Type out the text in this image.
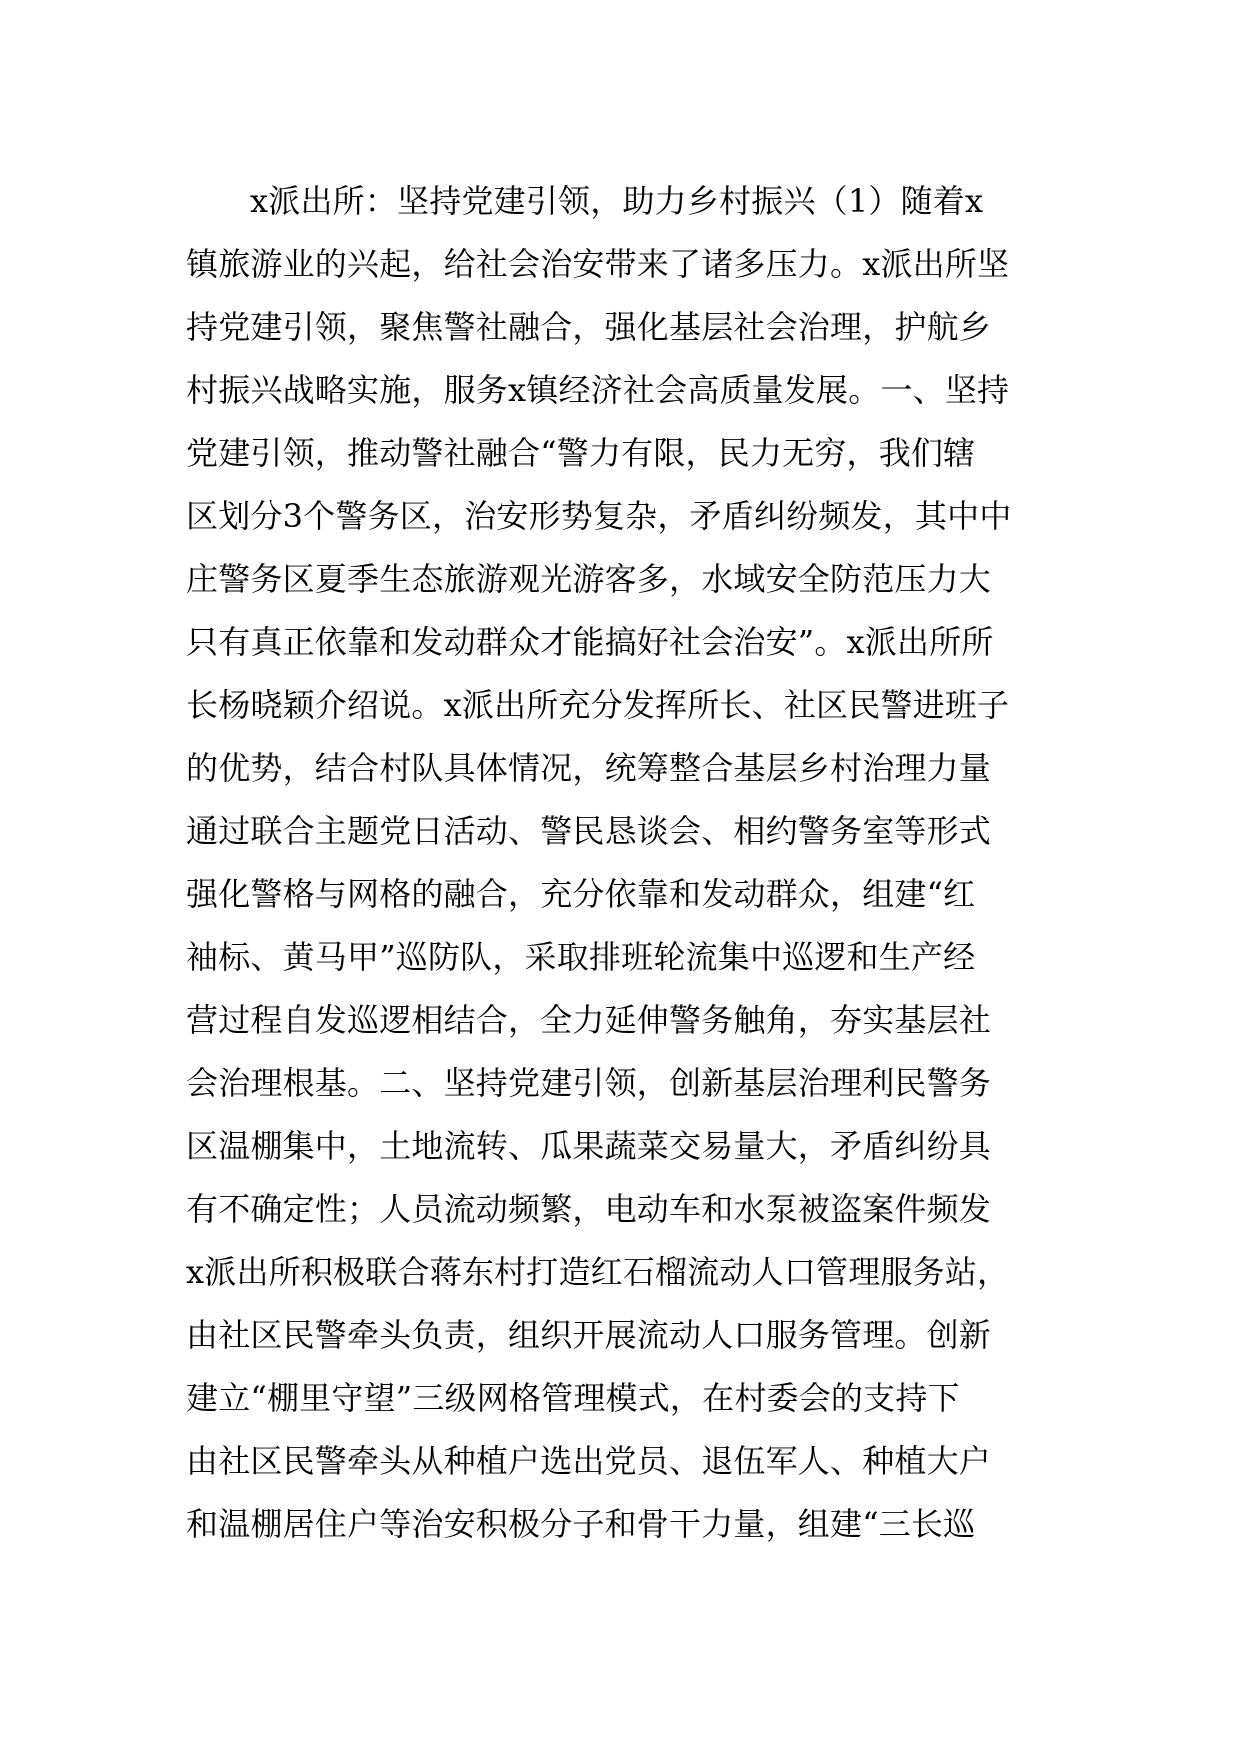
x派出所：坚持党建引领，助力乡村振兴（1）随着x
镇旅游业的兴起，给社会治安带来了诸多压力。x派出所坚
持党建引领，聚焦警社融合，强化基层社会治理，护航乡
村振兴战略实施，服务x镇经济社会高质量发展。一、坚持
党建引领，推动警社融合“警力有限，民力无穷，我们辖
区划分3个警务区，治安形势复杂，矛盾纠纷频发，其中中
庄警务区夏季生态旅游观光游客多，水域安全防范压力大
只有真正依靠和发动群众才能搞好社会治安”。x派出所所
长杨晓颖介绍说。x派出所充分发挥所长、社区民警进班子
的优势，结合村队具体情况，统筹整合基层乡村治理力量
通过联合主题党日活动、警民恳谈会、相约警务室等形式
强化警格与网格的融合，充分依靠和发动群众，组建“红
袖标、黄马甲”巡防队，采取排班轮流集中巡逻和生产经
营过程自发巡逻相结合，全力延伸警务触角，夯实基层社
会治理根基。二、坚持党建引领，创新基层治理利民警务
区温棚集中，土地流转、瓜果蔬菜交易量大，矛盾纠纷具
有不确定性；人员流动频繁，电动车和水泵被盗案件频发
x派出所积极联合蒋东村打造红石榴流动人口管理服务站，
由社区民警牵头负责，组织开展流动人口服务管理。创新
建立“棚里守望”三级网格管理模式，在村委会的支持下
由社区民警牵头从种植户选出党员、退伍军人、种植大户
和温棚居住户等治安积极分子和骨干力量，组建“三长巡
